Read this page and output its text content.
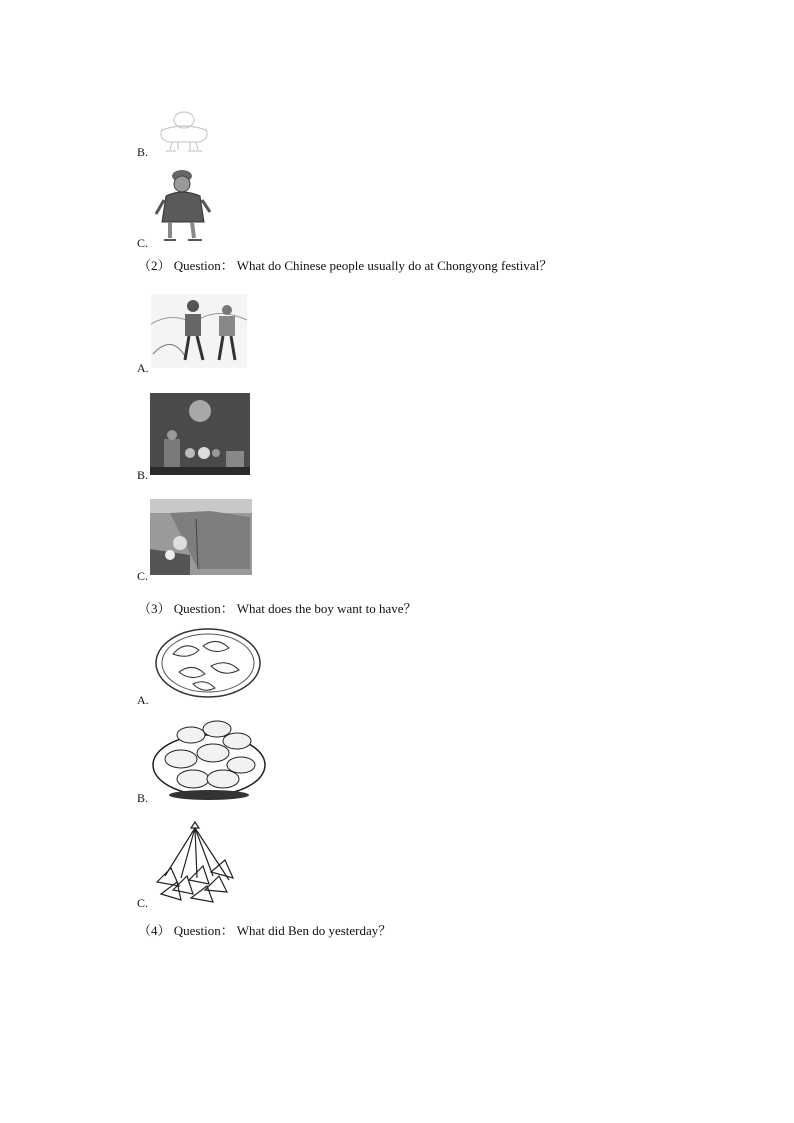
B.
C.
（2） Question： What do Chinese people usually do at Chongyong festival？
A.
B.
C.
（3） Question： What does the boy want to have？
A.
B.
C.
（4） Question： What did Ben do yesterday？
